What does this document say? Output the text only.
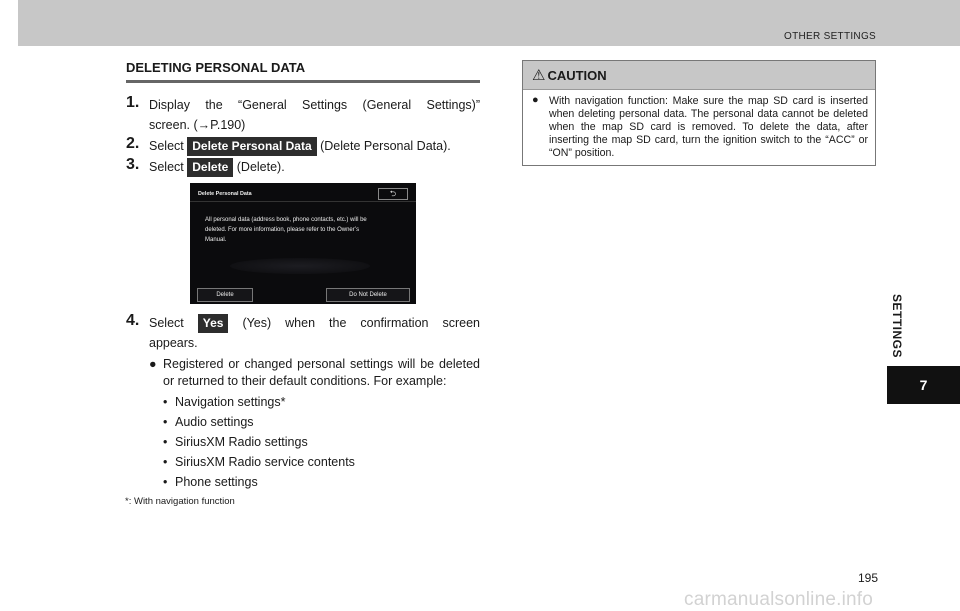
OTHER SETTINGS
SETTINGS
7
DELETING PERSONAL DATA
1. Display the “General Settings (General Settings)”
screen. (→P.190)
2. Select Delete Personal Data (Delete Personal Data).
3. Select Delete (Delete).
Delete Personal Data	⮌
All personal data (address book, phone contacts, etc.) will be
deleted. For more information, please refer to the Owner’s
Manual.
Delete	Do Not Delete
4. Select Yes (Yes) when the confirmation screen
appears.
● Registered or changed personal settings will be deleted or returned to their default conditions. For example:
• Navigation settings*
• Audio settings
• SiriusXM Radio settings
• SiriusXM Radio service contents
• Phone settings
*: With navigation function
⚠ CAUTION
● With navigation function: Make sure the map SD card is inserted when deleting personal data. The personal data cannot be deleted when the map SD card is removed. To delete the data, after inserting the map SD card, turn the ignition switch to the “ACC” or “ON” position.
195
carmanualsonline.info
